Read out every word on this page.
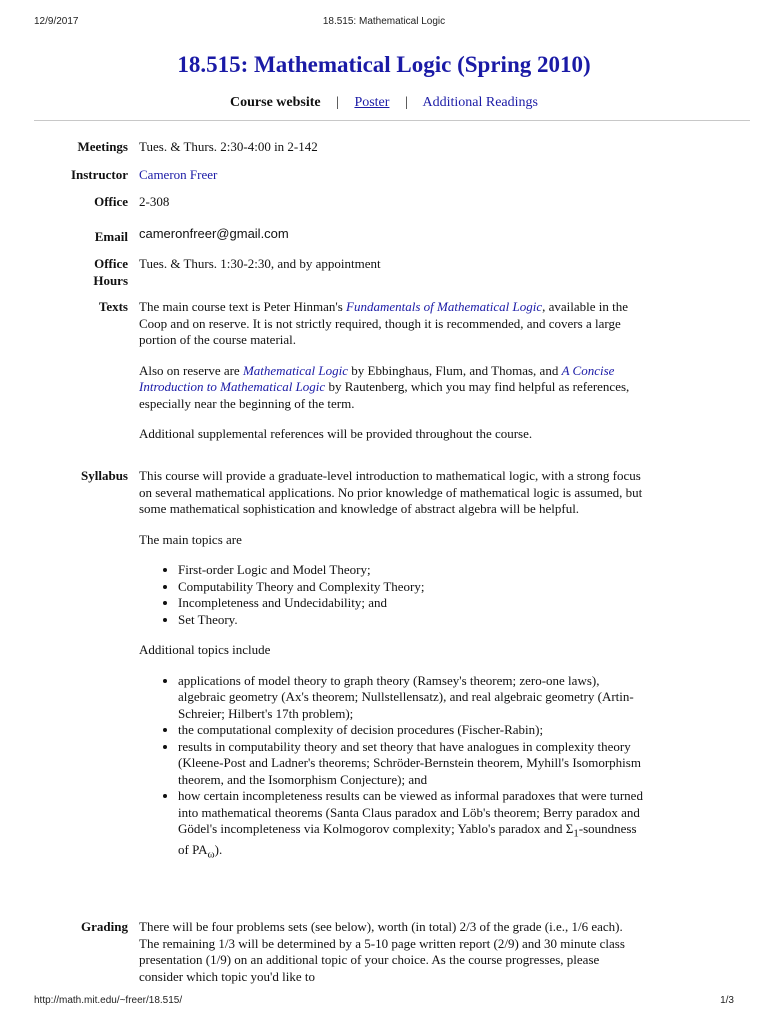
12/9/2017	18.515: Mathematical Logic
18.515: Mathematical Logic (Spring 2010)
Course website | Poster | Additional Readings
Meetings Tues. & Thurs. 2:30-4:00 in 2-142
Instructor Cameron Freer
Office 2-308
Email cameronfreer@gmail.com
Office
Hours
Tues. & Thurs. 1:30-2:30, and by appointment
Texts The main course text is Peter Hinman's Fundamentals of Mathematical Logic, available in the Coop and on reserve. It is not strictly required, though it is recommended, and covers a large portion of the course material.

Also on reserve are Mathematical Logic by Ebbinghaus, Flum, and Thomas, and A Concise Introduction to Mathematical Logic by Rautenberg, which you may find helpful as references, especially near the beginning of the term.

Additional supplemental references will be provided throughout the course.

Syllabus This course will provide a graduate-level introduction to mathematical logic, with a strong focus on several mathematical applications. No prior knowledge of mathematical logic is assumed, but some mathematical sophistication and knowledge of abstract algebra will be helpful.

The main topics are

• First-order Logic and Model Theory;
• Computability Theory and Complexity Theory;
• Incompleteness and Undecidability; and
• Set Theory.

Additional topics include

• applications of model theory to graph theory (Ramsey's theorem; zero-one laws), algebraic geometry (Ax's theorem; Nullstellensatz), and real algebraic geometry (Artin-Schreier; Hilbert's 17th problem);
• the computational complexity of decision procedures (Fischer-Rabin);
• results in computability theory and set theory that have analogues in complexity theory (Kleene-Post and Ladner's theorems; Schröder-Bernstein theorem, Myhill's Isomorphism theorem, and the Isomorphism Conjecture); and
• how certain incompleteness results can be viewed as informal paradoxes that were turned into mathematical theorems (Santa Claus paradox and Löb's theorem; Berry paradox and Gödel's incompleteness via Kolmogorov complexity; Yablo's paradox and $\Sigma_1$-soundness of $PA_\omega$).
Grading There will be four problems sets (see below), worth (in total) 2/3 of the grade (i.e., 1/6 each). The remaining 1/3 will be determined by a 5-10 page written report (2/9) and 30 minute class presentation (1/9) on an additional topic of your choice. As the course progresses, please consider which topic you'd like to
http://math.mit.edu/~freer/18.515/	1/3
